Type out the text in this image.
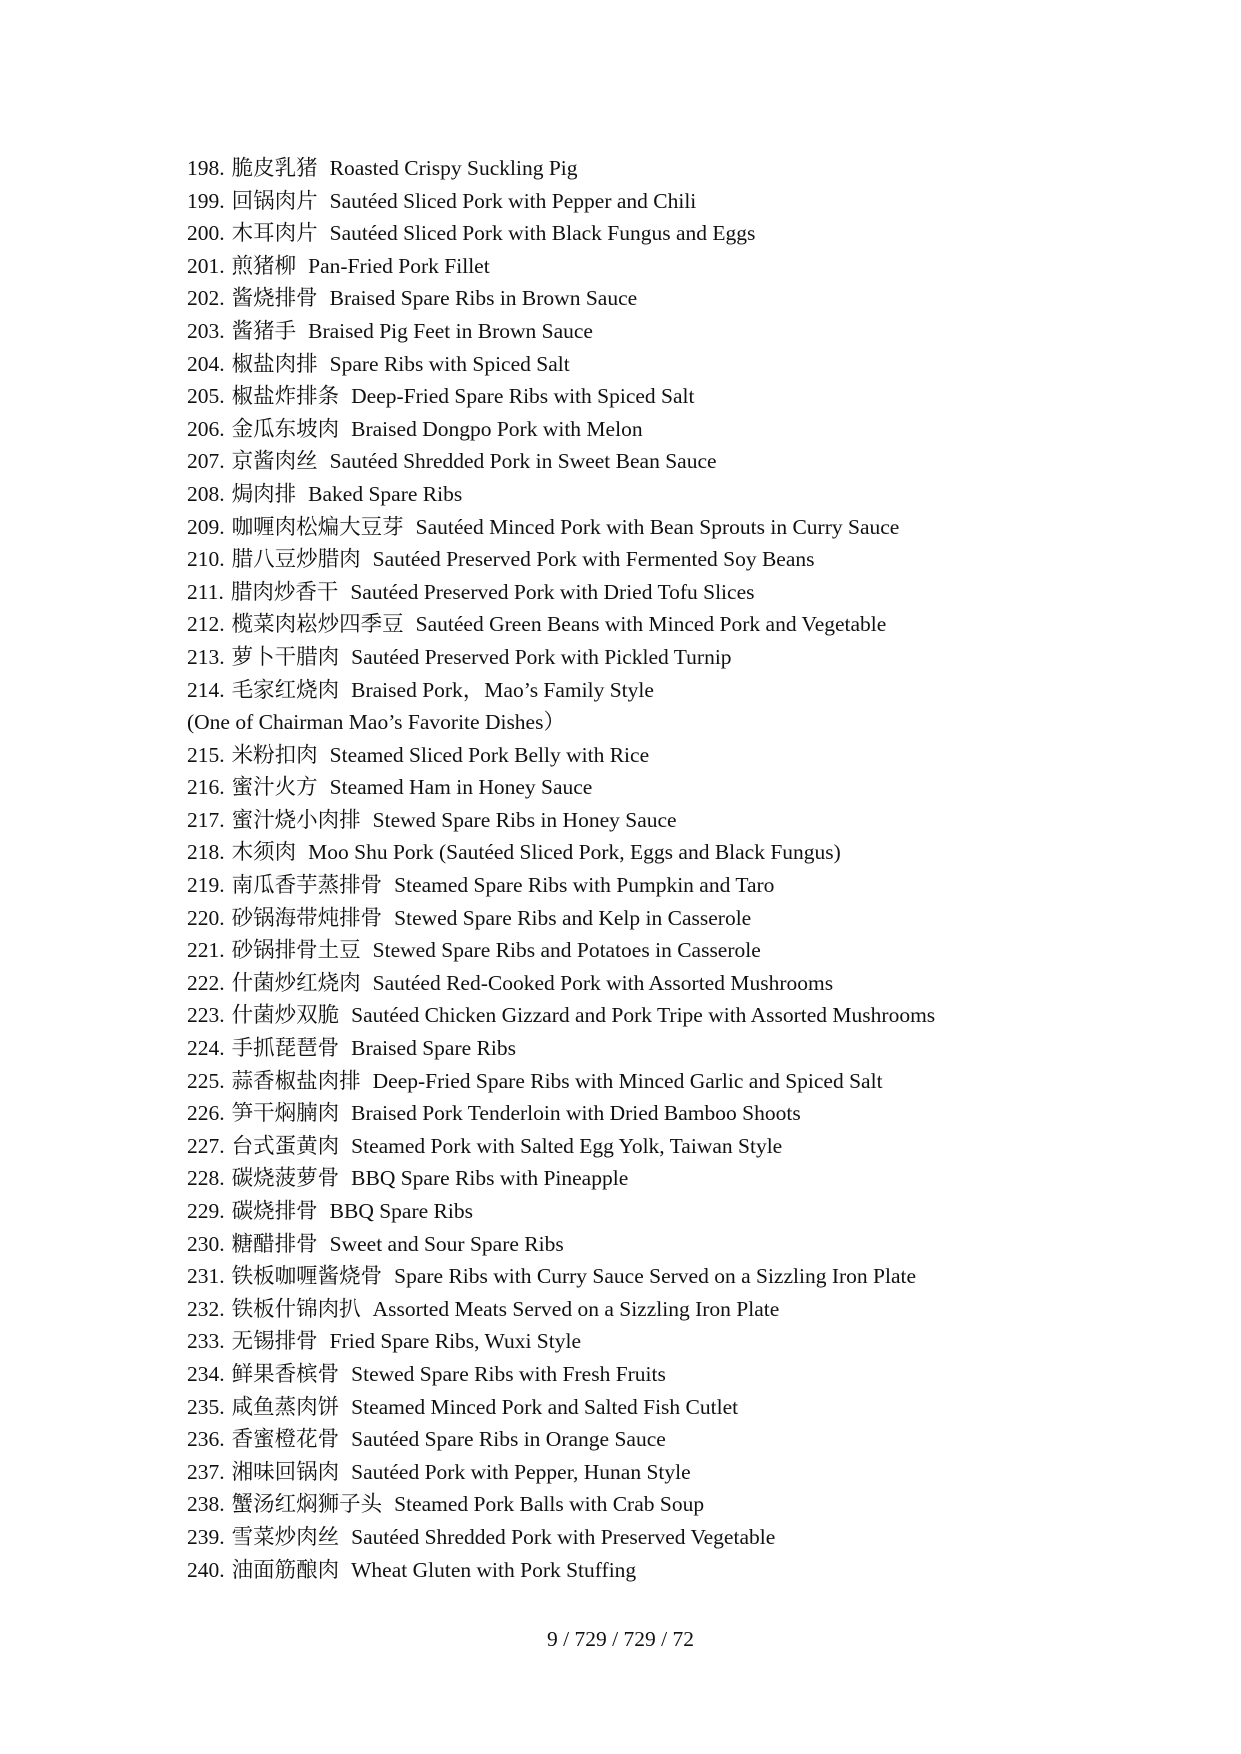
198. 脆皮乳猪 Roasted Crispy Suckling Pig
199. 回锅肉片 Sautéed Sliced Pork with Pepper and Chili
200. 木耳肉片 Sautéed Sliced Pork with Black Fungus and Eggs
201. 煎猪柳 Pan-Fried Pork Fillet
202. 酱烧排骨 Braised Spare Ribs in Brown Sauce
203. 酱猪手 Braised Pig Feet in Brown Sauce
204. 椒盐肉排 Spare Ribs with Spiced Salt
205. 椒盐炸排条 Deep-Fried Spare Ribs with Spiced Salt
206. 金瓜东坡肉 Braised Dongpo Pork with Melon
207. 京酱肉丝 Sautéed Shredded Pork in Sweet Bean Sauce
208. 焗肉排 Baked Spare Ribs
209. 咖喱肉松煸大豆芽 Sautéed Minced Pork with Bean Sprouts in Curry Sauce
210. 腊八豆炒腊肉 Sautéed Preserved Pork with Fermented Soy Beans
211. 腊肉炒香干 Sautéed Preserved Pork with Dried Tofu Slices
212. 榄菜肉崧炒四季豆 Sautéed Green Beans with Minced Pork and Vegetable
213. 萝卜干腊肉 Sautéed Preserved Pork with Pickled Turnip
214. 毛家红烧肉 Braised Pork，Mao’s Family Style
(One of Chairman Mao’s Favorite Dishes）
215. 米粉扣肉 Steamed Sliced Pork Belly with Rice
216. 蜜汁火方 Steamed Ham in Honey Sauce
217. 蜜汁烧小肉排 Stewed Spare Ribs in Honey Sauce
218. 木须肉 Moo Shu Pork (Sautéed Sliced Pork, Eggs and Black Fungus)
219. 南瓜香芋蒸排骨 Steamed Spare Ribs with Pumpkin and Taro
220. 砂锅海带炖排骨 Stewed Spare Ribs and Kelp in Casserole
221. 砂锅排骨土豆 Stewed Spare Ribs and Potatoes in Casserole
222. 什菌炒红烧肉 Sautéed Red-Cooked Pork with Assorted Mushrooms
223. 什菌炒双脆 Sautéed Chicken Gizzard and Pork Tripe with Assorted Mushrooms
224. 手抓琵琶骨 Braised Spare Ribs
225. 蒜香椒盐肉排 Deep-Fried Spare Ribs with Minced Garlic and Spiced Salt
226. 笋干焖腩肉 Braised Pork Tenderloin with Dried Bamboo Shoots
227. 台式蛋黄肉 Steamed Pork with Salted Egg Yolk, Taiwan Style
228. 碳烧菠萝骨 BBQ Spare Ribs with Pineapple
229. 碳烧排骨 BBQ Spare Ribs
230. 糖醋排骨 Sweet and Sour Spare Ribs
231. 铁板咖喱酱烧骨 Spare Ribs with Curry Sauce Served on a Sizzling Iron Plate
232. 铁板什锦肉扒 Assorted Meats Served on a Sizzling Iron Plate
233. 无锡排骨 Fried Spare Ribs, Wuxi Style
234. 鲜果香槟骨 Stewed Spare Ribs with Fresh Fruits
235. 咸鱼蒸肉饼 Steamed Minced Pork and Salted Fish Cutlet
236. 香蜜橙花骨 Sautéed Spare Ribs in Orange Sauce
237. 湘味回锅肉 Sautéed Pork with Pepper, Hunan Style
238. 蟹汤红焖狮子头 Steamed Pork Balls with Crab Soup
239. 雪菜炒肉丝 Sautéed Shredded Pork with Preserved Vegetable
240. 油面筋酿肉 Wheat Gluten with Pork Stuffing
9 / 729 / 729 / 72
